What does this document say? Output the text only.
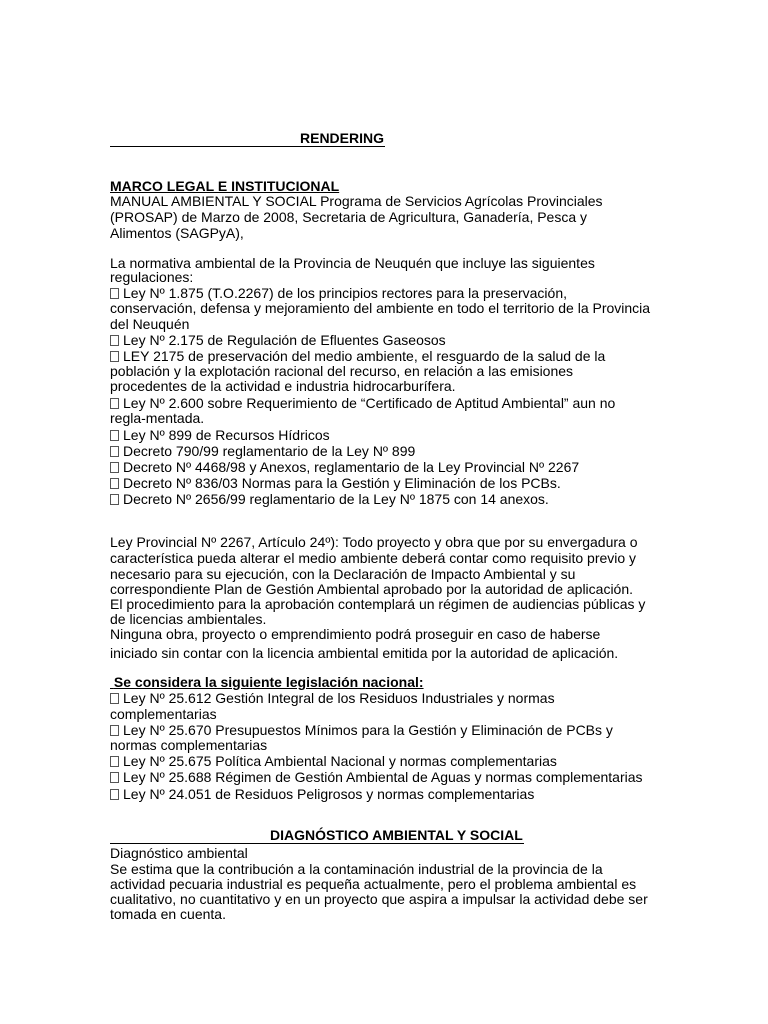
RENDERING

MARCO LEGAL E INSTITUCIONAL

MANUAL AMBIENTAL Y SOCIAL Programa de Servicios Agrícolas Provinciales

(PROSAP) de Marzo de 2008, Secretaria de Agricultura, Ganadería, Pesca y

Alimentos (SAGPyA),

La normativa ambiental de la Provincia de Neuquén que incluye las siguientes

regulaciones:

Ley Nº 1.875 (T.O.2267) de los principios rectores para la preservación,

conservación, defensa y mejoramiento del ambiente en todo el territorio de la Provincia

del Neuquén

Ley Nº 2.175 de Regulación de Efluentes Gaseosos

LEY 2175 de preservación del medio ambiente, el resguardo de la salud de la

población y la explotación racional del recurso, en relación a las emisiones

procedentes de la actividad e industria hidrocarburífera.

Ley Nº 2.600 sobre Requerimiento de “Certificado de Aptitud Ambiental” aun no

regla-mentada.

Ley Nº 899 de Recursos Hídricos

Decreto 790/99 reglamentario de la Ley Nº 899

Decreto Nº 4468/98 y Anexos, reglamentario de la Ley Provincial Nº 2267

Decreto Nº 836/03 Normas para la Gestión y Eliminación de los PCBs.

Decreto Nº 2656/99 reglamentario de la Ley Nº 1875 con 14 anexos.

Ley Provincial Nº 2267, Artículo 24º): Todo proyecto y obra que por su envergadura o

característica pueda alterar el medio ambiente deberá contar como requisito previo y

necesario para su ejecución, con la Declaración de Impacto Ambiental y su

correspondiente Plan de Gestión Ambiental aprobado por la autoridad de aplicación.

El procedimiento para la aprobación contemplará un régimen de audiencias públicas y

de licencias ambientales.

Ninguna obra, proyecto o emprendimiento podrá proseguir en caso de haberse

iniciado sin contar con la licencia ambiental emitida por la autoridad de aplicación.

Se considera la siguiente legislación nacional:

Ley Nº 25.612 Gestión Integral de los Residuos Industriales y normas

complementarias

Ley Nº 25.670 Presupuestos Mínimos para la Gestión y Eliminación de PCBs y

normas complementarias

Ley Nº 25.675 Política Ambiental Nacional y normas complementarias

Ley Nº 25.688 Régimen de Gestión Ambiental de Aguas y normas complementarias

Ley Nº 24.051 de Residuos Peligrosos y normas complementarias

DIAGNÓSTICO AMBIENTAL Y SOCIAL

Diagnóstico ambiental

Se estima que la contribución a la contaminación industrial de la provincia de la

actividad pecuaria industrial es pequeña actualmente, pero el problema ambiental es

cualitativo, no cuantitativo y en un proyecto que aspira a impulsar la actividad debe ser

tomada en cuenta.
